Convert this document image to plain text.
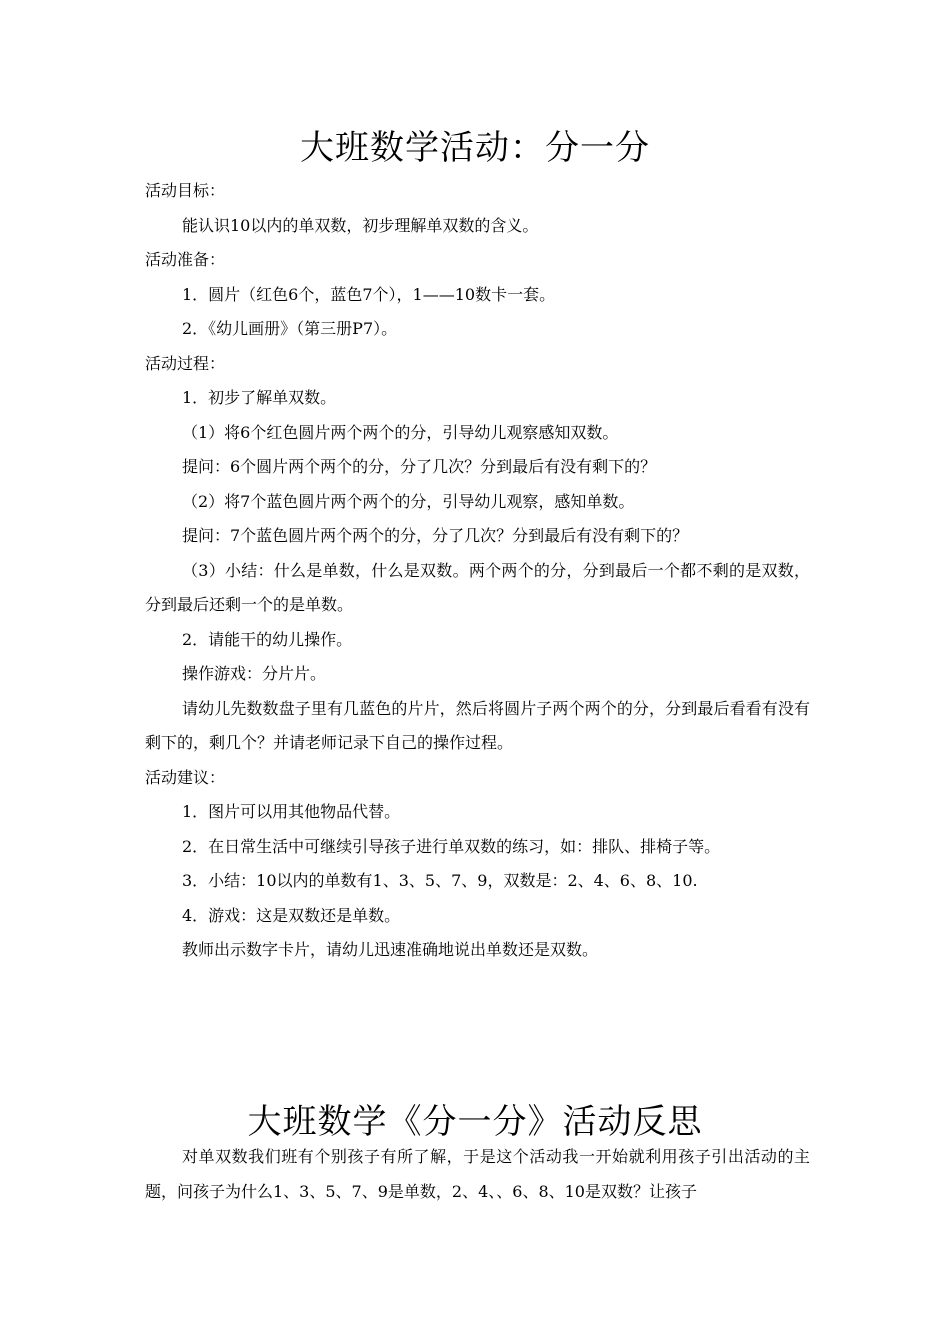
大班数学活动：分一分

活动目标：

能认识10以内的单双数，初步理解单双数的含义。

活动准备：

1．圆片（红色6个，蓝色7个），1——10数卡一套。

2．《幼儿画册》（第三册P7）。

活动过程：

1．初步了解单双数。

（1）将6个红色圆片两个两个的分，引导幼儿观察感知双数。

提问：6个圆片两个两个的分，分了几次？分到最后有没有剩下的？

（2）将7个蓝色圆片两个两个的分，引导幼儿观察，感知单数。

提问：7个蓝色圆片两个两个的分，分了几次？分到最后有没有剩下的？

（3）小结：什么是单数，什么是双数。两个两个的分，分到最后一个都不剩的是双数，分到最后还剩一个的是单数。

2．请能干的幼儿操作。

操作游戏：分片片。

请幼儿先数数盘子里有几蓝色的片片，然后将圆片子两个两个的分，分到最后看看有没有剩下的，剩几个？并请老师记录下自己的操作过程。

活动建议：

1．图片可以用其他物品代替。

2．在日常生活中可继续引导孩子进行单双数的练习，如：排队、排椅子等。

3．小结：10以内的单数有1、3、5、7、9，双数是：2、4、6、8、10.

4．游戏：这是双数还是单数。

教师出示数字卡片，请幼儿迅速准确地说出单数还是双数。

大班数学《分一分》活动反思

对单双数我们班有个别孩子有所了解，于是这个活动我一开始就利用孩子引出活动的主题，问孩子为什么1、3、5、7、9是单数，2、4、、6、8、10是双数？让孩子
